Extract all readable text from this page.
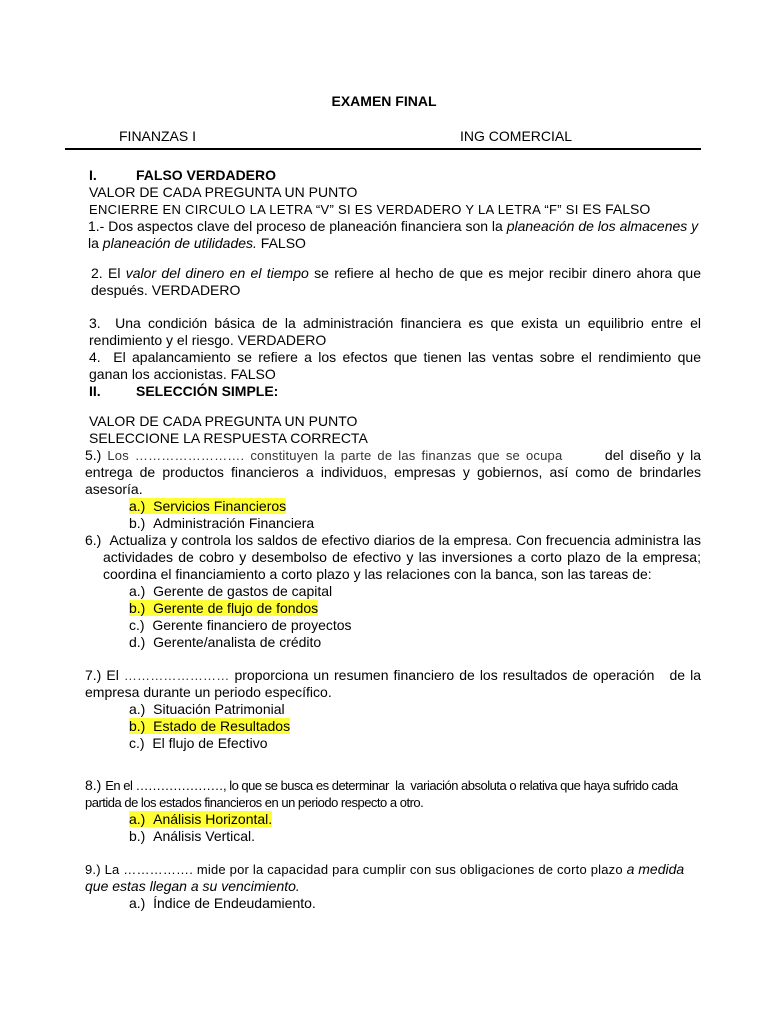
EXAMEN FINAL
FINANZAS I	ING COMERCIAL
I.	FALSO VERDADERO
VALOR DE CADA PREGUNTA UN PUNTO
ENCIERRE EN CIRCULO LA LETRA “V” SI ES VERDADERO Y LA LETRA “F” SI ES FALSO
1.- Dos aspectos clave del proceso de planeación financiera son la planeación de los almacenes y
la planeación de utilidades. FALSO
2. El valor del dinero en el tiempo se refiere al hecho de que es mejor recibir dinero ahora que después. VERDADERO
3.  Una condición básica de la administración financiera es que exista un equilibrio entre el rendimiento y el riesgo. VERDADERO
4.  El apalancamiento se refiere a los efectos que tienen las ventas sobre el rendimiento que ganan los accionistas. FALSO
II.	SELECCIÓN SIMPLE:
VALOR DE CADA PREGUNTA UN PUNTO
SELECCIONE LA RESPUESTA CORRECTA
5.) Los ……………………. constituyen la parte de las finanzas que se ocupa       del diseño y la entrega de productos financieros a individuos, empresas y gobiernos, así como de brindarles asesoría.
a.)  Servicios Financieros
b.)  Administración Financiera
6.)  Actualiza y controla los saldos de efectivo diarios de la empresa. Con frecuencia administra las actividades de cobro y desembolso de efectivo y las inversiones a corto plazo de la empresa; coordina el financiamiento a corto plazo y las relaciones con la banca, son las tareas de:
a.)  Gerente de gastos de capital
b.)  Gerente de flujo de fondos
c.)  Gerente financiero de proyectos
d.)  Gerente/analista de crédito
7.) El …………………… proporciona un resumen financiero de los resultados de operación   de la empresa durante un periodo específico.
a.)  Situación Patrimonial
b.)  Estado de Resultados
c.)  El flujo de Efectivo
8.) En el …………………, lo que se busca es determinar  la  variación absoluta o relativa que haya sufrido cada partida de los estados financieros en un periodo respecto a otro.
a.)  Análisis Horizontal.
b.)  Análisis Vertical.
9.) La ……………. mide por la capacidad para cumplir con sus obligaciones de corto plazo a medida que estas llegan a su vencimiento.
a.)  Índice de Endeudamiento.
